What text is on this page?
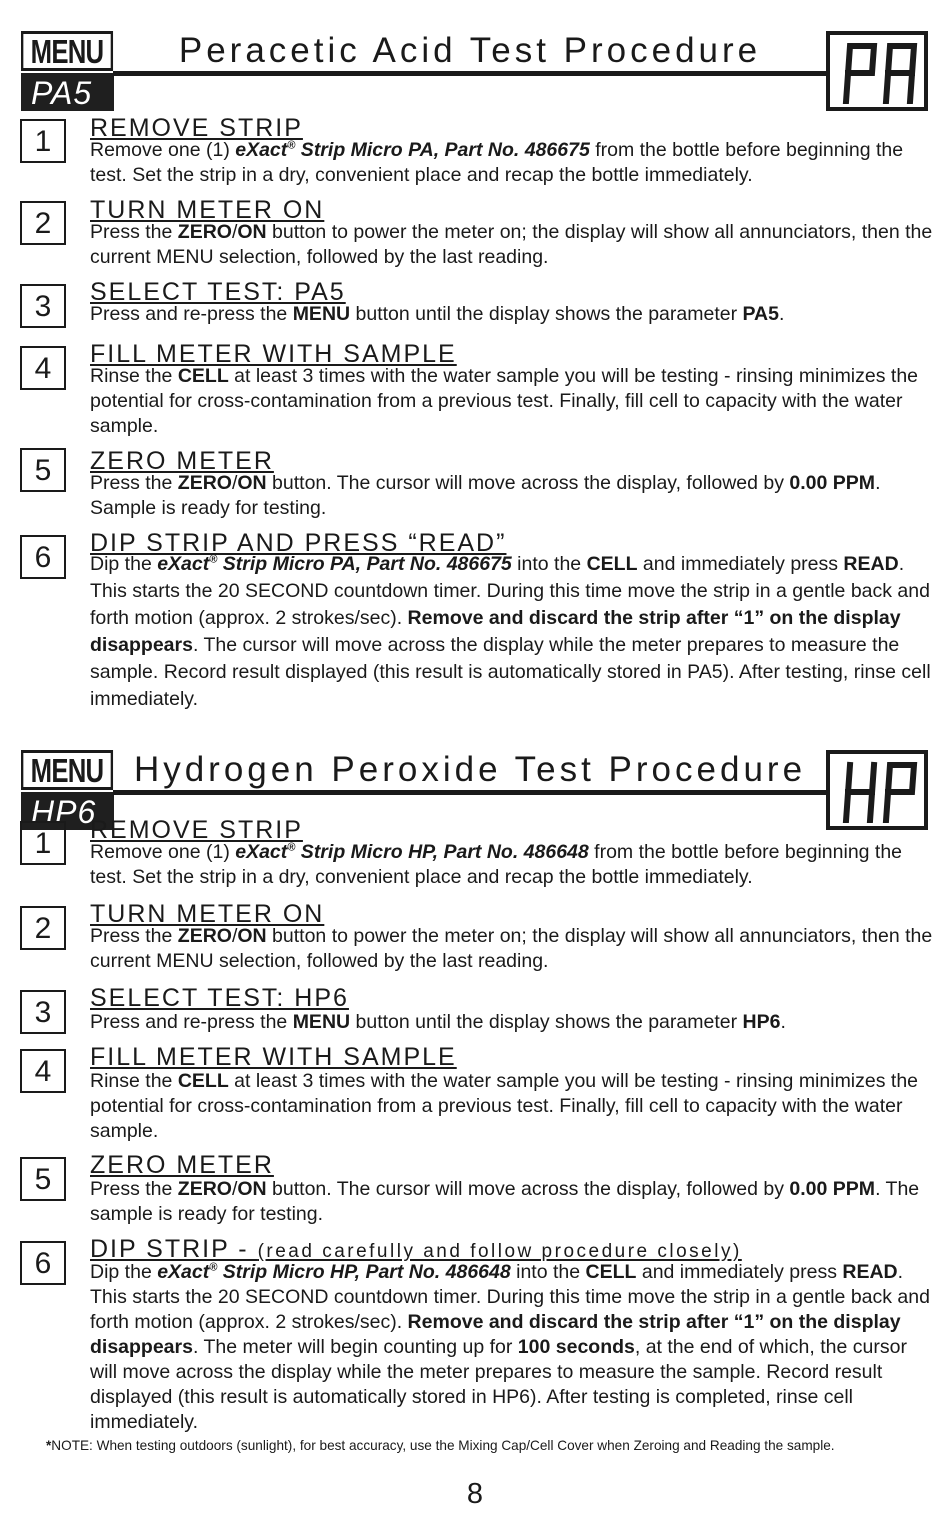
MENU
PA5
Peracetic Acid Test Procedure
1	REMOVE STRIP
Remove one (1) eXact® Strip Micro PA, Part No. 486675 from the bottle before beginning the test. Set the strip in a dry, convenient place and recap the bottle immediately.
2	TURN METER ON
Press the ZERO/ON button to power the meter on; the display will show all annunciators, then the current MENU selection, followed by the last reading.
3	SELECT TEST: PA5
Press and re-press the MENU button until the display shows the parameter PA5.
4	FILL METER WITH SAMPLE
Rinse the CELL at least 3 times with the water sample you will be testing - rinsing minimizes the potential for cross-contamination from a previous test. Finally, fill cell to capacity with the water sample.
5	ZERO METER
Press the ZERO/ON button. The cursor will move across the display, followed by 0.00 PPM. Sample is ready for testing.
6	DIP STRIP AND PRESS “READ”
Dip the eXact® Strip Micro PA, Part No. 486675 into the CELL and immediately press READ. This starts the 20 SECOND countdown timer. During this time move the strip in a gentle back and forth motion (approx. 2 strokes/sec). Remove and discard the strip after “1” on the display disappears. The cursor will move across the display while the meter prepares to measure the sample. Record result displayed (this result is automatically stored in PA5). After testing, rinse cell immediately.
MENU
HP6
Hydrogen Peroxide Test Procedure
1	REMOVE STRIP
Remove one (1) eXact® Strip Micro HP, Part No. 486648 from the bottle before beginning the test. Set the strip in a dry, convenient place and recap the bottle immediately.
2	TURN METER ON
Press the ZERO/ON button to power the meter on; the display will show all annunciators, then the current MENU selection, followed by the last reading.
3	SELECT TEST: HP6
Press and re-press the MENU button until the display shows the parameter HP6.
4	FILL METER WITH SAMPLE
Rinse the CELL at least 3 times with the water sample you will be testing - rinsing minimizes the potential for cross-contamination from a previous test. Finally, fill cell to capacity with the water sample.
5	ZERO METER
Press the ZERO/ON button. The cursor will move across the display, followed by 0.00 PPM. The sample is ready for testing.
6	DIP STRIP - (read carefully and follow procedure closely)
Dip the eXact® Strip Micro HP, Part No. 486648 into the CELL and immediately press READ. This starts the 20 SECOND countdown timer. During this time move the strip in a gentle back and forth motion (approx. 2 strokes/sec). Remove and discard the strip after “1” on the display disappears. The meter will begin counting up for 100 seconds, at the end of which, the cursor will move across the display while the meter prepares to measure the sample. Record result displayed (this result is automatically stored in HP6). After testing is completed, rinse cell immediately.
*NOTE: When testing outdoors (sunlight), for best accuracy, use the Mixing Cap/Cell Cover when Zeroing and Reading the sample.
8
